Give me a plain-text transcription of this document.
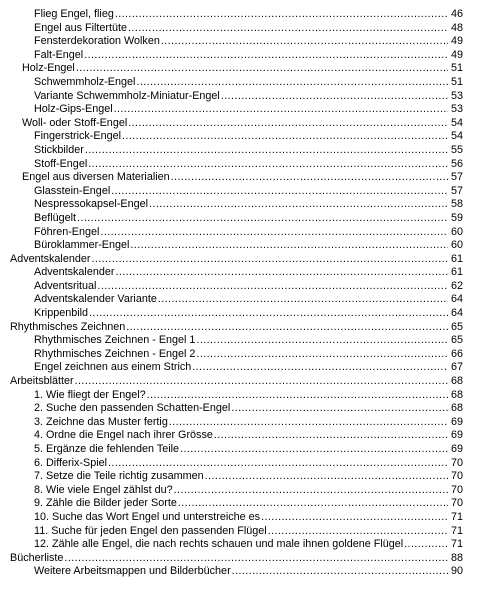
Flieg Engel, flieg .....	46
Engel aus Filtertüte .....	48
Fensterdekoration Wolken .....	49
Falt-Engel .....	49
Holz-Engel .....	51
Schwemmholz-Engel .....	51
Variante Schwemmholz-Miniatur-Engel .....	53
Holz-Gips-Engel .....	53
Woll- oder Stoff-Engel .....	54
Fingerstrick-Engel .....	54
Stickbilder .....	55
Stoff-Engel .....	56
Engel aus diversen Materialien .....	57
Glasstein-Engel .....	57
Nespressokapsel-Engel .....	58
Beflügelt .....	59
Föhren-Engel .....	60
Büroklammer-Engel .....	60
Adventskalender .....	61
Adventskalender .....	61
Adventsritual .....	62
Adventskalender Variante .....	64
Krippenbild .....	64
Rhythmisches Zeichnen .....	65
Rhythmisches Zeichnen - Engel 1 .....	65
Rhythmisches Zeichnen - Engel 2 .....	66
Engel zeichnen aus einem Strich .....	67
Arbeitsblätter .....	68
1. Wie fliegt der Engel? .....	68
2. Suche den passenden Schatten-Engel .....	68
3. Zeichne das Muster fertig .....	69
4. Ordne die Engel nach ihrer Grösse .....	69
5. Ergänze die fehlenden Teile .....	69
6. Differix-Spiel .....	70
7. Setze die Teile richtig zusammen .....	70
8. Wie viele Engel zählst du? .....	70
9. Zähle die Bilder jeder Sorte .....	70
10. Suche das Wort Engel und unterstreiche es .....	71
11. Suche für jeden Engel den passenden Flügel .....	71
12. Zähle alle Engel, die nach rechts schauen und male ihnen goldene Flügel .....	71
Bücherliste .....	88
Weitere Arbeitsmappen und Bilderbücher .....	90
